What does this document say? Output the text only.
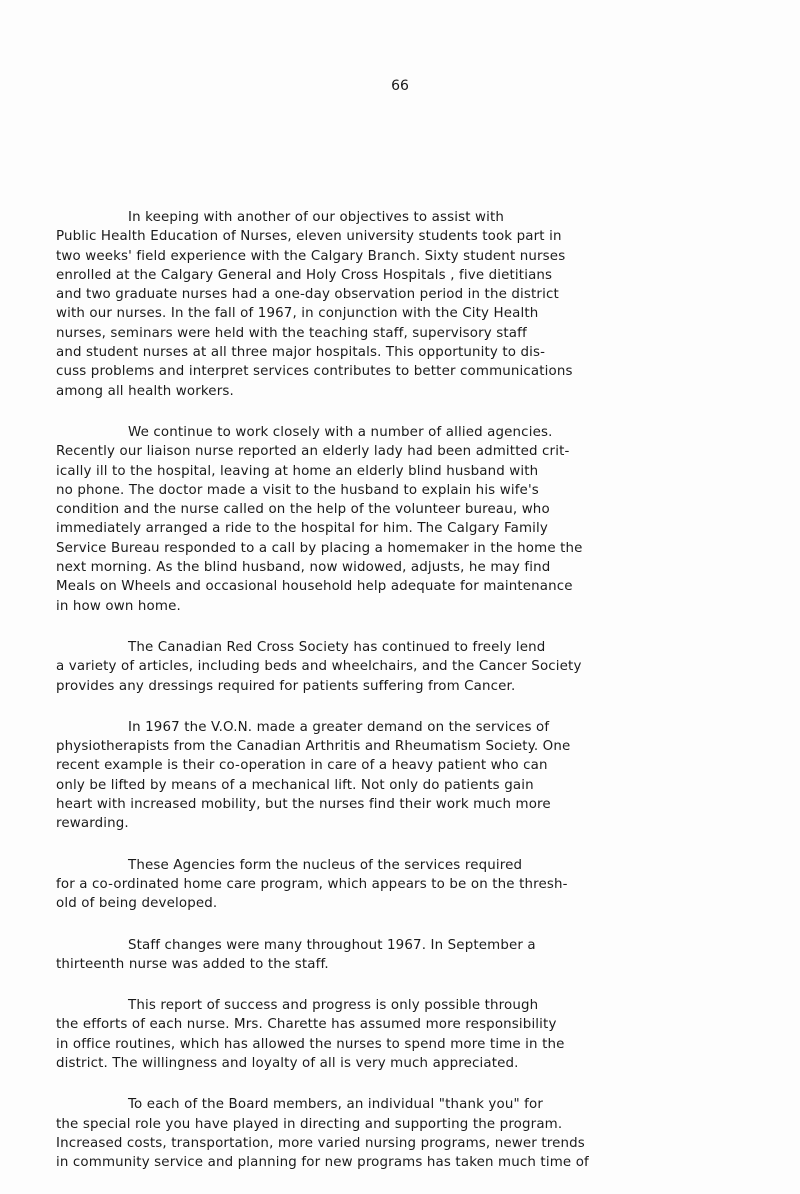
66

In keeping with another of our objectives to assist with
Public Health Education of Nurses, eleven university students took part in
two weeks' field experience with the Calgary Branch. Sixty student nurses
enrolled at the Calgary General and Holy Cross Hospitals , five dietitians
and two graduate nurses had a one-day observation period in the district
with our nurses. In the fall of 1967, in conjunction with the City Health
nurses, seminars were held with the teaching staff, supervisory staff
and student nurses at all three major hospitals. This opportunity to dis-
cuss problems and interpret services contributes to better communications
among all health workers.

We continue to work closely with a number of allied agencies.
Recently our liaison nurse reported an elderly lady had been admitted crit-
ically ill to the hospital, leaving at home an elderly blind husband with
no phone. The doctor made a visit to the husband to explain his wife's
condition and the nurse called on the help of the volunteer bureau, who
immediately arranged a ride to the hospital for him. The Calgary Family
Service Bureau responded to a call by placing a homemaker in the home the
next morning. As the blind husband, now widowed, adjusts, he may find
Meals on Wheels and occasional household help adequate for maintenance
in how own home.

The Canadian Red Cross Society has continued to freely lend
a variety of articles, including beds and wheelchairs, and the Cancer Society
provides any dressings required for patients suffering from Cancer.

In 1967 the V.O.N. made a greater demand on the services of
physiotherapists from the Canadian Arthritis and Rheumatism Society. One
recent example is their co-operation in care of a heavy patient who can
only be lifted by means of a mechanical lift. Not only do patients gain
heart with increased mobility, but the nurses find their work much more
rewarding.

These Agencies form the nucleus of the services required
for a co-ordinated home care program, which appears to be on the thresh-
old of being developed.

Staff changes were many throughout 1967. In September a
thirteenth nurse was added to the staff.

This report of success and progress is only possible through
the efforts of each nurse. Mrs. Charette has assumed more responsibility
in office routines, which has allowed the nurses to spend more time in the
district. The willingness and loyalty of all is very much appreciated.

To each of the Board members, an individual "thank you" for
the special role you have played in directing and supporting the program.
Increased costs, transportation, more varied nursing programs, newer trends
in community service and planning for new programs has taken much time of
